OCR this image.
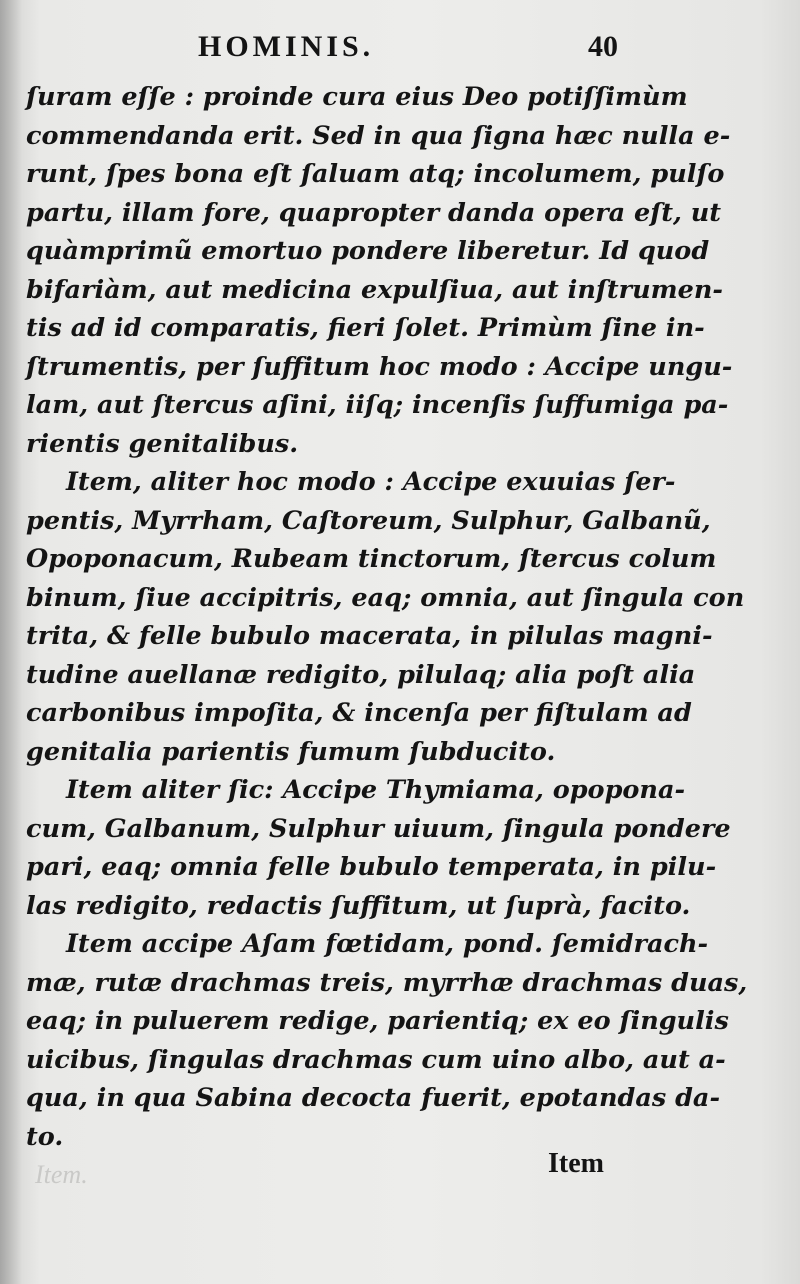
HOMINIS.	40
ſuram eſſe : proinde cura eius Deo potiſſimùm
commendanda erit. Sed in qua ſigna hæc nulla e-
runt, ſpes bona eſt ſaluam atq; incolumem, pulſo
partu, illam fore, quapropter danda opera eſt, ut
quàmprimũ emortuo pondere liberetur. Id quod
bifariàm, aut medicina expulſiua, aut inſtrumen-
tis ad id comparatis, fieri ſolet. Primùm ſine in-
ſtrumentis, per ſuffitum hoc modo : Accipe ungu-
lam, aut ſtercus aſini, iiſq; incenſis ſuffumiga pa-
rientis genitalibus.
Item, aliter hoc modo : Accipe exuuias ſer-
pentis, Myrrham, Caſtoreum, Sulphur, Galbanũ,
Opoponacum, Rubeam tinctorum, ſtercus colum
binum, ſiue accipitris, eaq; omnia, aut ſingula con
trita, & felle bubulo macerata, in pilulas magni-
tudine auellanæ redigito, pilulaq; alia poſt alia
carbonibus impoſita, & incenſa per fiſtulam ad
genitalia parientis fumum ſubducito.
Item aliter ſic: Accipe Thymiama, opopona-
cum, Galbanum, Sulphur uiuum, ſingula pondere
pari, eaq; omnia felle bubulo temperata, in pilu-
las redigito, redactis ſuffitum, ut ſuprà, facito.
Item accipe Aſam fœtidam, pond. ſemidrach-
mæ, rutæ drachmas treis, myrrhæ drachmas duas,
eaq; in puluerem redige, parientiq; ex eo ſingulis
uicibus, ſingulas drachmas cum uino albo, aut a-
qua, in qua Sabina decocta fuerit, epotandas da-
to.
Item.	Item
